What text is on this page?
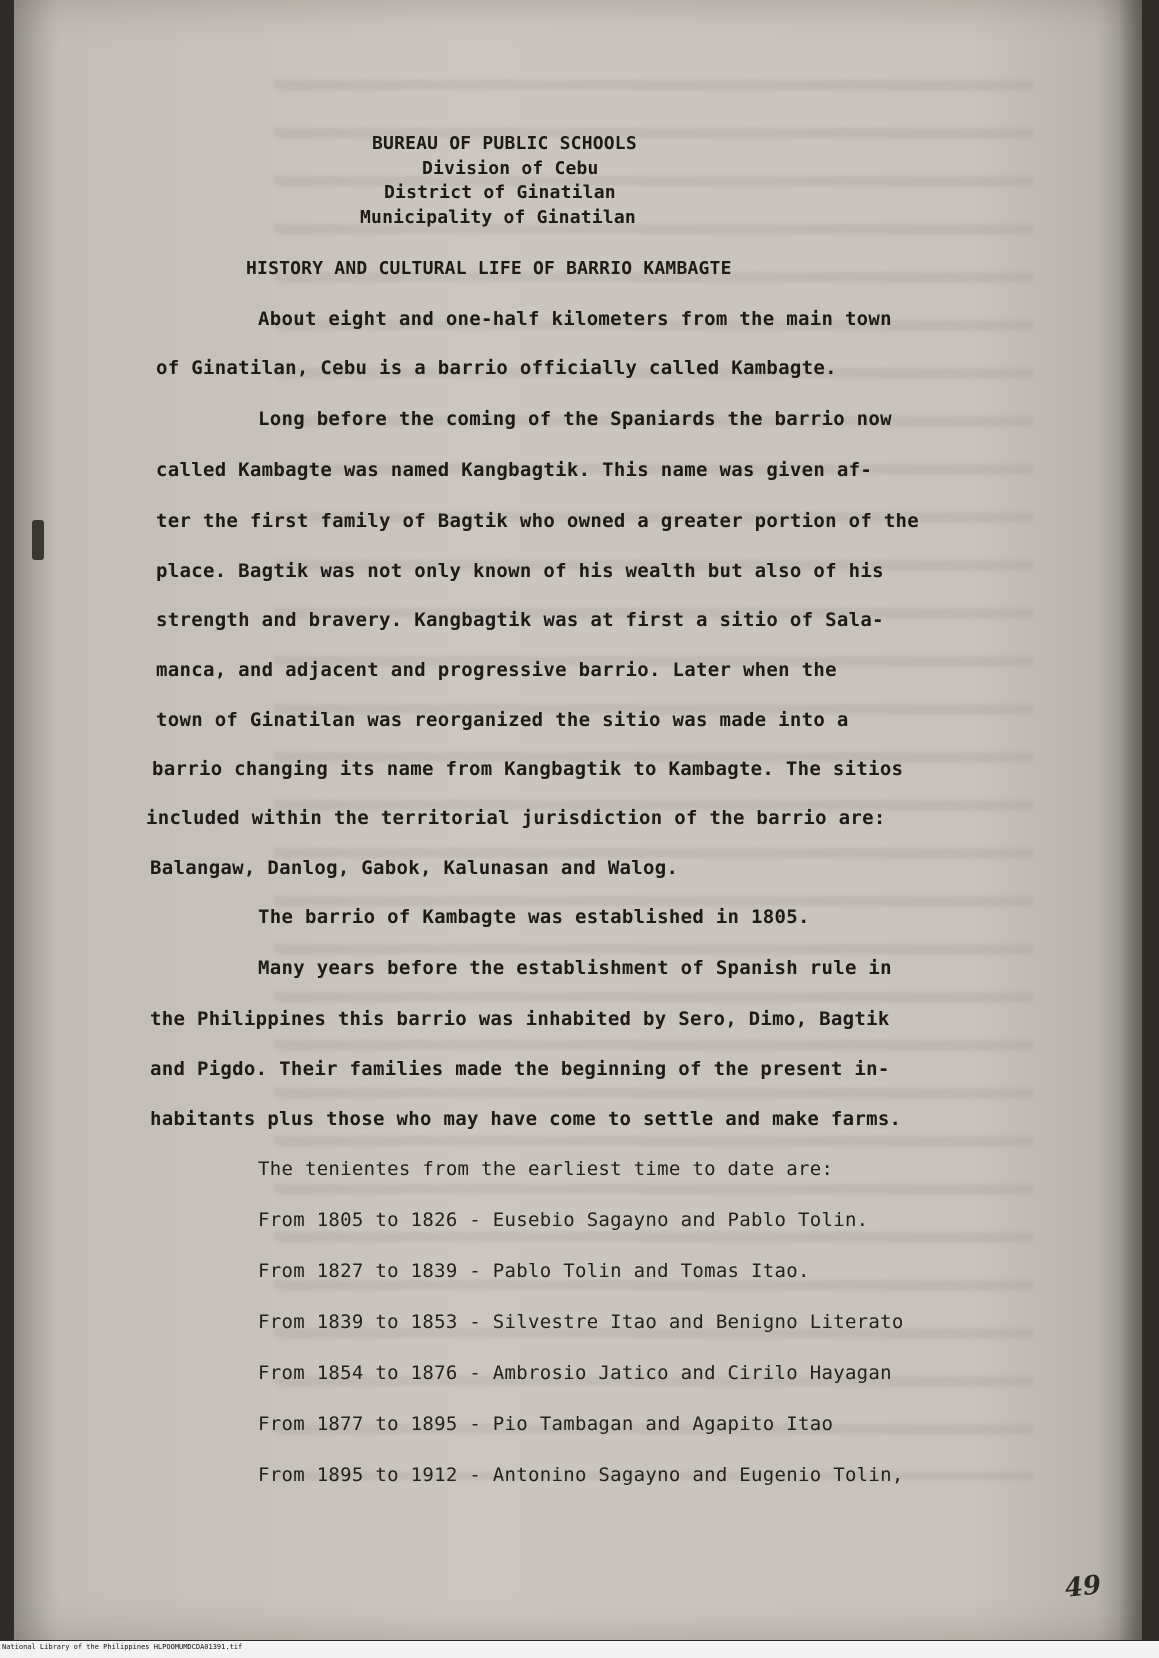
BUREAU OF PUBLIC SCHOOLS
Division of Cebu
District of Ginatilan
Municipality of Ginatilan
HISTORY AND CULTURAL LIFE OF BARRIO KAMBAGTE
About eight and one-half kilometers from the main town
of Ginatilan, Cebu is a barrio officially called Kambagte.
Long before the coming of the Spaniards the barrio now
called Kambagte was named Kangbagtik. This name was given af-
ter the first family of Bagtik who owned a greater portion of the
place. Bagtik was not only known of his wealth but also of his
strength and bravery. Kangbagtik was at first a sitio of Sala-
manca, and adjacent and progressive barrio. Later when the
town of Ginatilan was reorganized the sitio was made into a
barrio changing its name from Kangbagtik to Kambagte. The sitios
included within the territorial jurisdiction of the barrio are:
Balangaw, Danlog, Gabok, Kalunasan and Walog.
The barrio of Kambagte was established in 1805.
Many years before the establishment of Spanish rule in
the Philippines this barrio was inhabited by Sero, Dimo, Bagtik
and Pigdo. Their families made the beginning of the present in-
habitants plus those who may have come to settle and make farms.
The tenientes from the earliest time to date are:
From 1805 to 1826 - Eusebio Sagayno and Pablo Tolin.
From 1827 to 1839 - Pablo Tolin and Tomas Itao.
From 1839 to 1853 - Silvestre Itao and Benigno Literato
From 1854 to 1876 - Ambrosio Jatico and Cirilo Hayagan
From 1877 to 1895 - Pio Tambagan and Agapito Itao
From 1895 to 1912 - Antonino Sagayno and Eugenio Tolin,
49
National Library of the Philippines HLPOOMUMDCDA01391.tif
